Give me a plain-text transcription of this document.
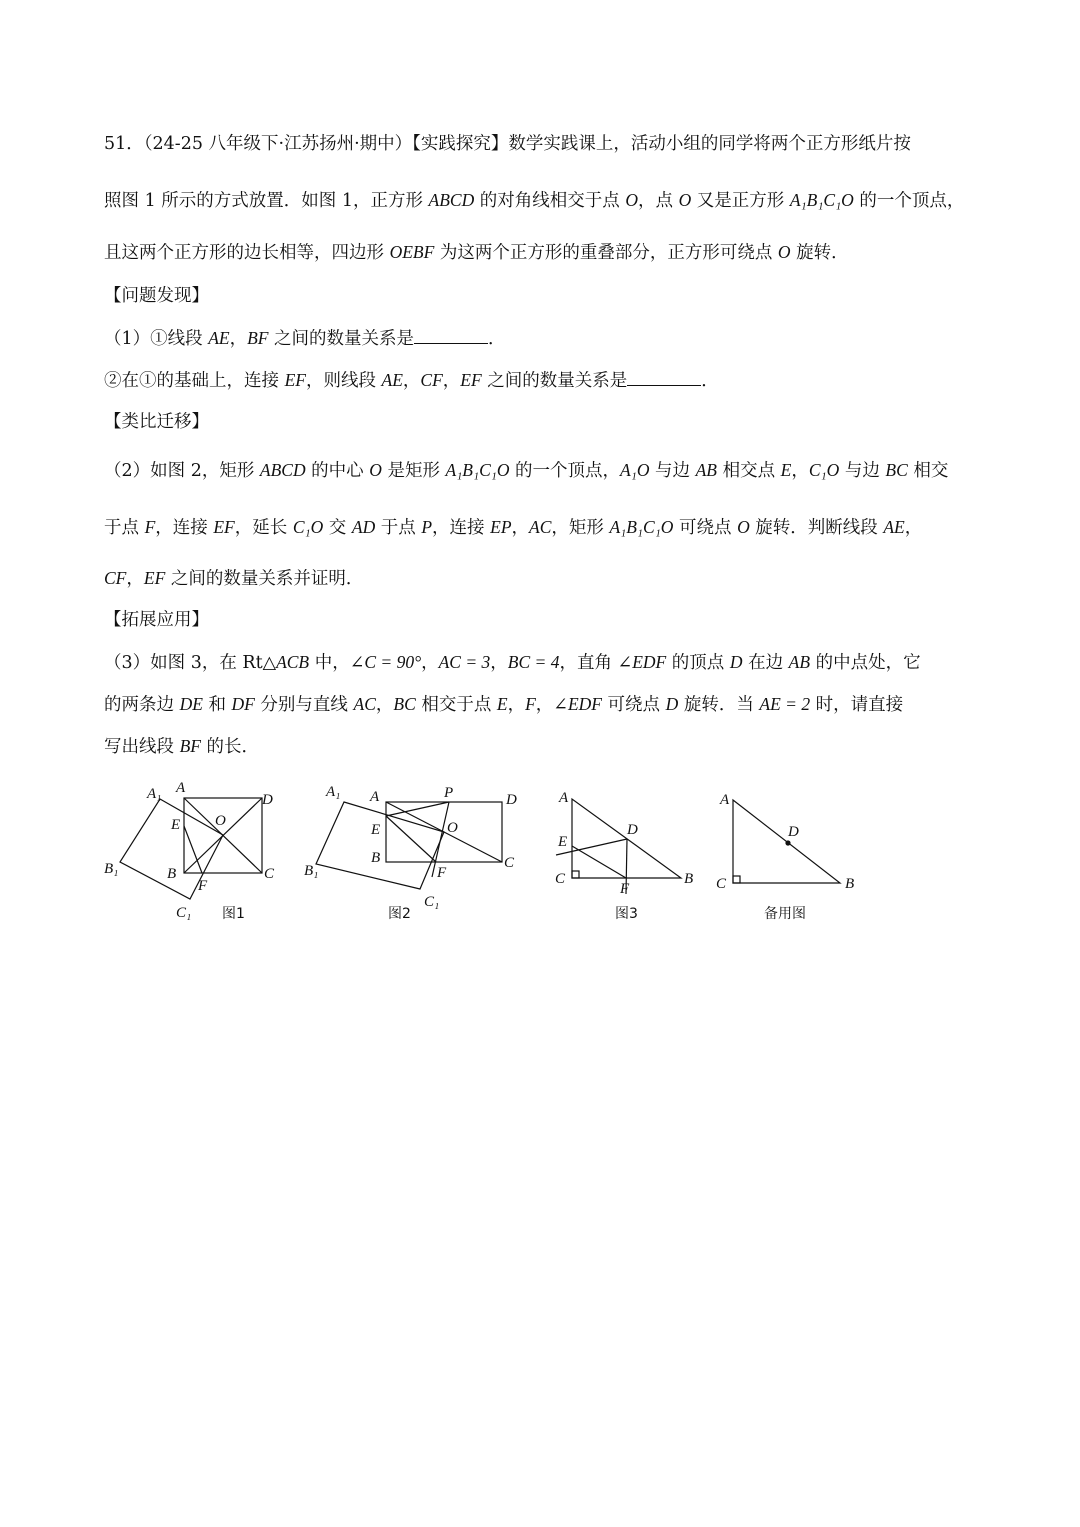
51．（24-25 八年级下·江苏扬州·期中）【实践探究】数学实践课上，活动小组的同学将两个正方形纸片按
照图 1 所示的方式放置．如图 1，正方形 ABCD 的对角线相交于点 O，点 O 又是正方形 A₁B₁C₁O 的一个顶点，
且这两个正方形的边长相等，四边形 OEBF 为这两个正方形的重叠部分，正方形可绕点 O 旋转．
【问题发现】
（1）①线段 AE，BF 之间的数量关系是	．
②在①的基础上，连接 EF，则线段 AE，CF，EF 之间的数量关系是	．
【类比迁移】
（2）如图 2，矩形 ABCD 的中心 O 是矩形 A₁B₁C₁O 的一个顶点，A₁O 与边 AB 相交点 E，C₁O 与边 BC 相交
于点 F，连接 EF，延长 C₁O 交 AD 于点 P，连接 EP，AC，矩形 A₁B₁C₁O 可绕点 O 旋转．判断线段 AE，
CF，EF 之间的数量关系并证明．
【拓展应用】
（3）如图 3，在 Rt△ACB 中，∠C = 90°，AC = 3，BC = 4，直角 ∠EDF 的顶点 D 在边 AB 的中点处，它
的两条边 DE 和 DF 分别与直线 AC，BC 相交于点 E，F，∠EDF 可绕点 D 旋转．当 AE = 2 时，请直接
写出线段 BF 的长．
A₁ A
D
E O
B₁	B	C
F
C₁ 图1
A₁ A	P	D
E	O
B
B₁	F
C
C₁
图2
A
D
E
C
F
B
图3
A
D
C	B
备用图
